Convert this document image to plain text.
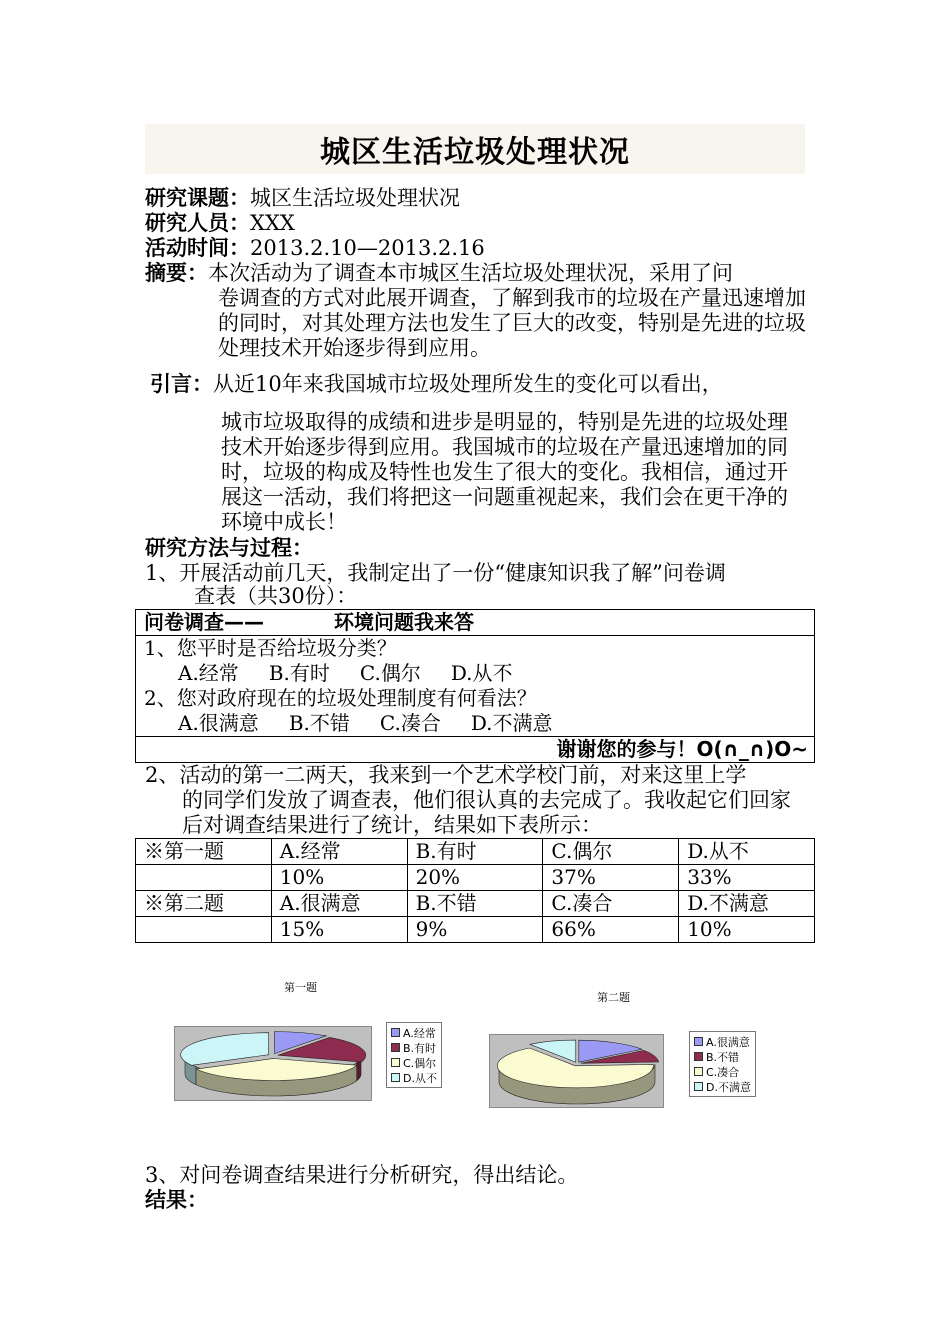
城区生活垃圾处理状况
研究课题：城区生活垃圾处理状况
研究人员：XXX
活动时间：2013.2.10—2013.2.16
摘要：本次活动为了调查本市城区生活垃圾处理状况，采用了问
卷调查的方式对此展开调查，了解到我市的垃圾在产量迅速增加的同时，对其处理方法也发生了巨大的改变，特别是先进的垃圾处理技术开始逐步得到应用。
引言：从近10年来我国城市垃圾处理所发生的变化可以看出，
城市垃圾取得的成绩和进步是明显的，特别是先进的垃圾处理技术开始逐步得到应用。我国城市的垃圾在产量迅速增加的同时，垃圾的构成及特性也发生了很大的变化。我相信，通过开展这一活动，我们将把这一问题重视起来，我们会在更干净的环境中成长！
研究方法与过程：
1、开展活动前几天，我制定出了一份“健康知识我了解”问卷调
查表（共30份）：
问卷调查——	环境问题我来答

1、您平时是否给垃圾分类？
A.经常 B.有时 C.偶尔 D.从不
2、您对政府现在的垃圾处理制度有何看法？
A.很满意 B.不错 C.凑合 D.不满意

谢谢您的参与！O(∩_∩)O~
2、活动的第一二两天，我来到一个艺术学校门前，对来这里上学
的同学们发放了调查表，他们很认真的去完成了。我收起它们回家后对调查结果进行了统计，结果如下表所示：
※第一题	A.经常	B.有时	C.偶尔	D.从不
	10%	20%	37%	33%
※第二题	A.很满意	B.不错	C.凑合	D.不满意
	15%	9%	66%	10%
第一题
A.经常
B.有时
C.偶尔
D.从不
第二题
A.很满意
B.不错
C.凑合
D.不满意
3、对问卷调查结果进行分析研究，得出结论。
结果：
